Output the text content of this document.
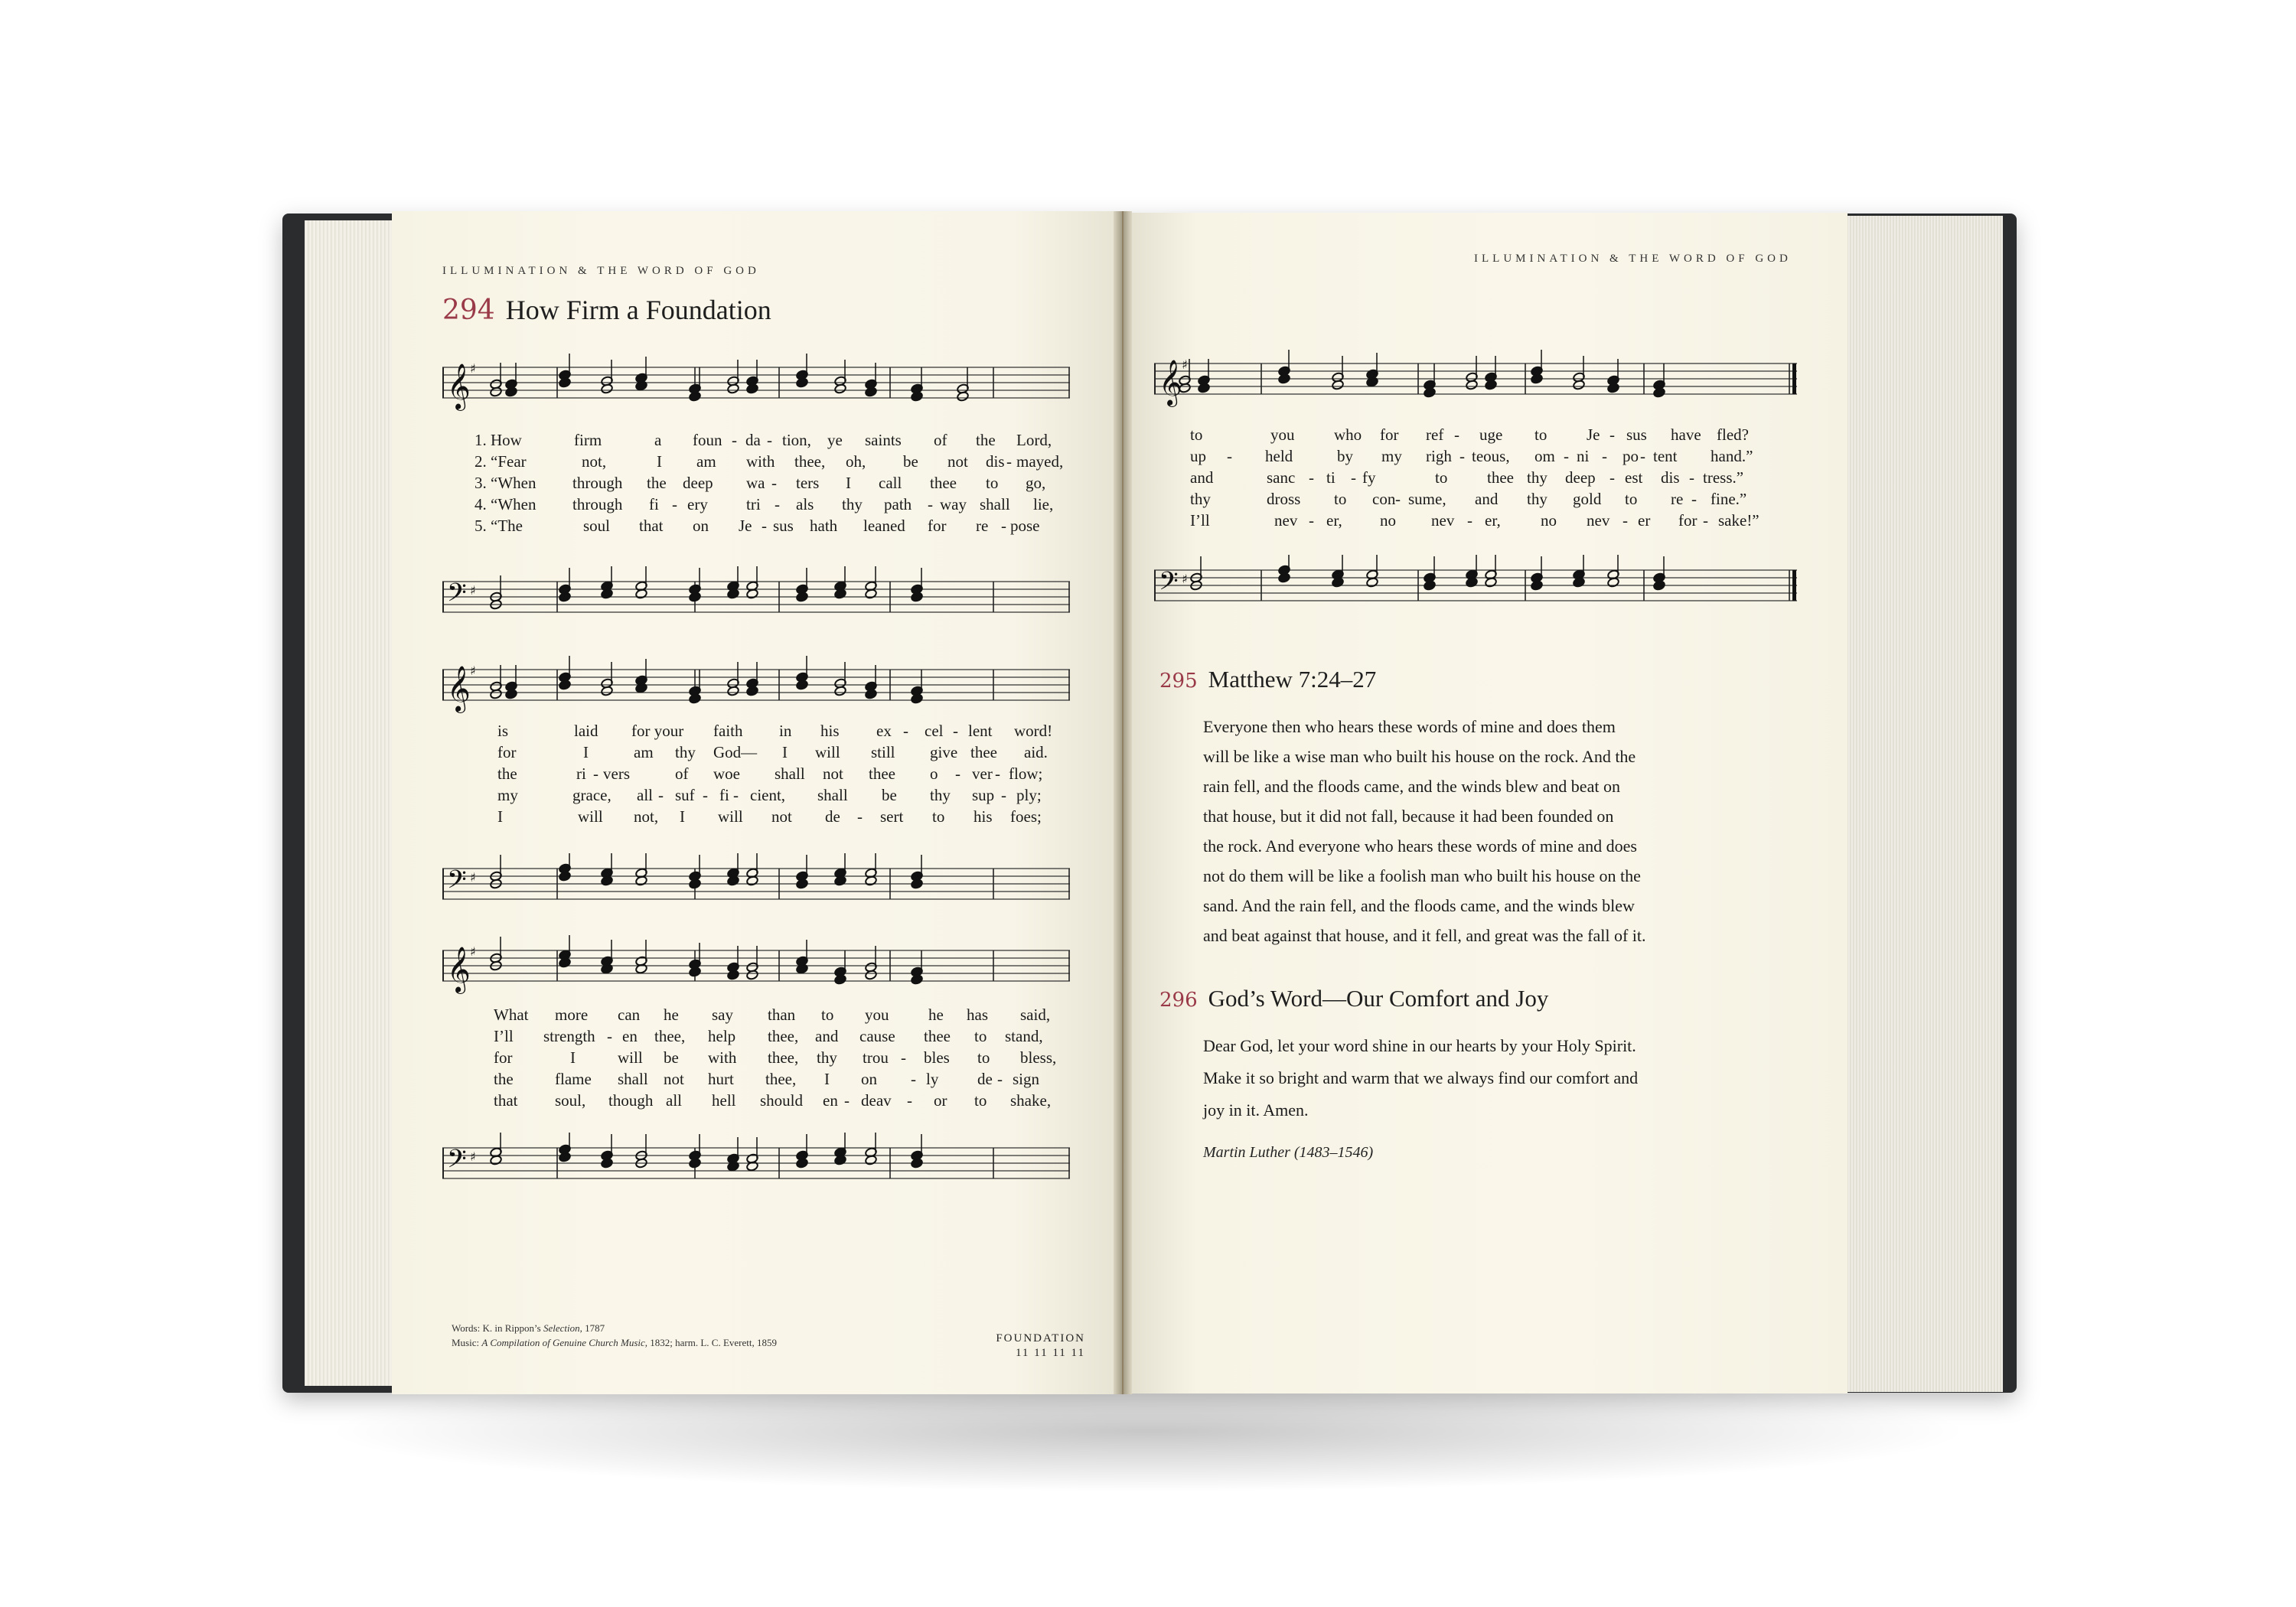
ILLUMINATION & THE WORD OF GOD
294 How Firm a Foundation
𝄞 ♯
𝄢 ♯
1. How	firm	a foun - da - tion, ye saints of the Lord,
2. “Fear	not,	I am with thee, oh, be not dis - mayed,
3. “When through the deep wa - ters I call thee to go,
4. “When through fi - ery tri - als thy path - way shall lie,
5. “The	soul that on Je - sus hath leaned for re - pose
𝄞 ♯
𝄢 ♯
is	laid for your faith in his ex - cel - lent word!
for	I	am thy God— I will still give thee aid.
the	ri - vers	of woe shall not thee o - ver - flow;
my	grace, all - suf - fi - cient, shall be thy sup - ply;
I	will not, I will not de - sert to his foes;
𝄞 ♯
𝄢 ♯
What more can he say than to you he has said,
I’ll strength - en thee, help thee, and cause thee to stand,
for	I	will be with thee, thy trou - bles to bless,
the	flame shall not hurt thee, I on - ly de - sign
that soul, though all hell should en - deav - or to shake,
Words: K. in Rippon’s Selection, 1787
Music: A Compilation of Genuine Church Music, 1832; harm. L. C. Everett, 1859	FOUNDATION
11 11 11 11
ILLUMINATION & THE WORD OF GOD
𝄞 ♯
𝄢 ♯
to	you who for ref - uge to Je - sus have fled?
up - held	by my righ - teous, om - ni - po - tent hand.”
and	sanc - ti - fy	to thee thy deep - est dis - tress.”
thy	dross to con - sume, and thy gold to re - fine.”
I’ll	nev - er, no nev - er, no nev - er for - sake!”
295 Matthew 7:24–27
Everyone then who hears these words of mine and does them
will be like a wise man who built his house on the rock. And the
rain fell, and the floods came, and the winds blew and beat on
that house, but it did not fall, because it had been founded on
the rock. And everyone who hears these words of mine and does
not do them will be like a foolish man who built his house on the
sand. And the rain fell, and the floods came, and the winds blew
and beat against that house, and it fell, and great was the fall of it.
296 God’s Word—Our Comfort and Joy
Dear God, let your word shine in our hearts by your Holy Spirit.
Make it so bright and warm that we always find our comfort and
joy in it. Amen.
Martin Luther (1483–1546)
